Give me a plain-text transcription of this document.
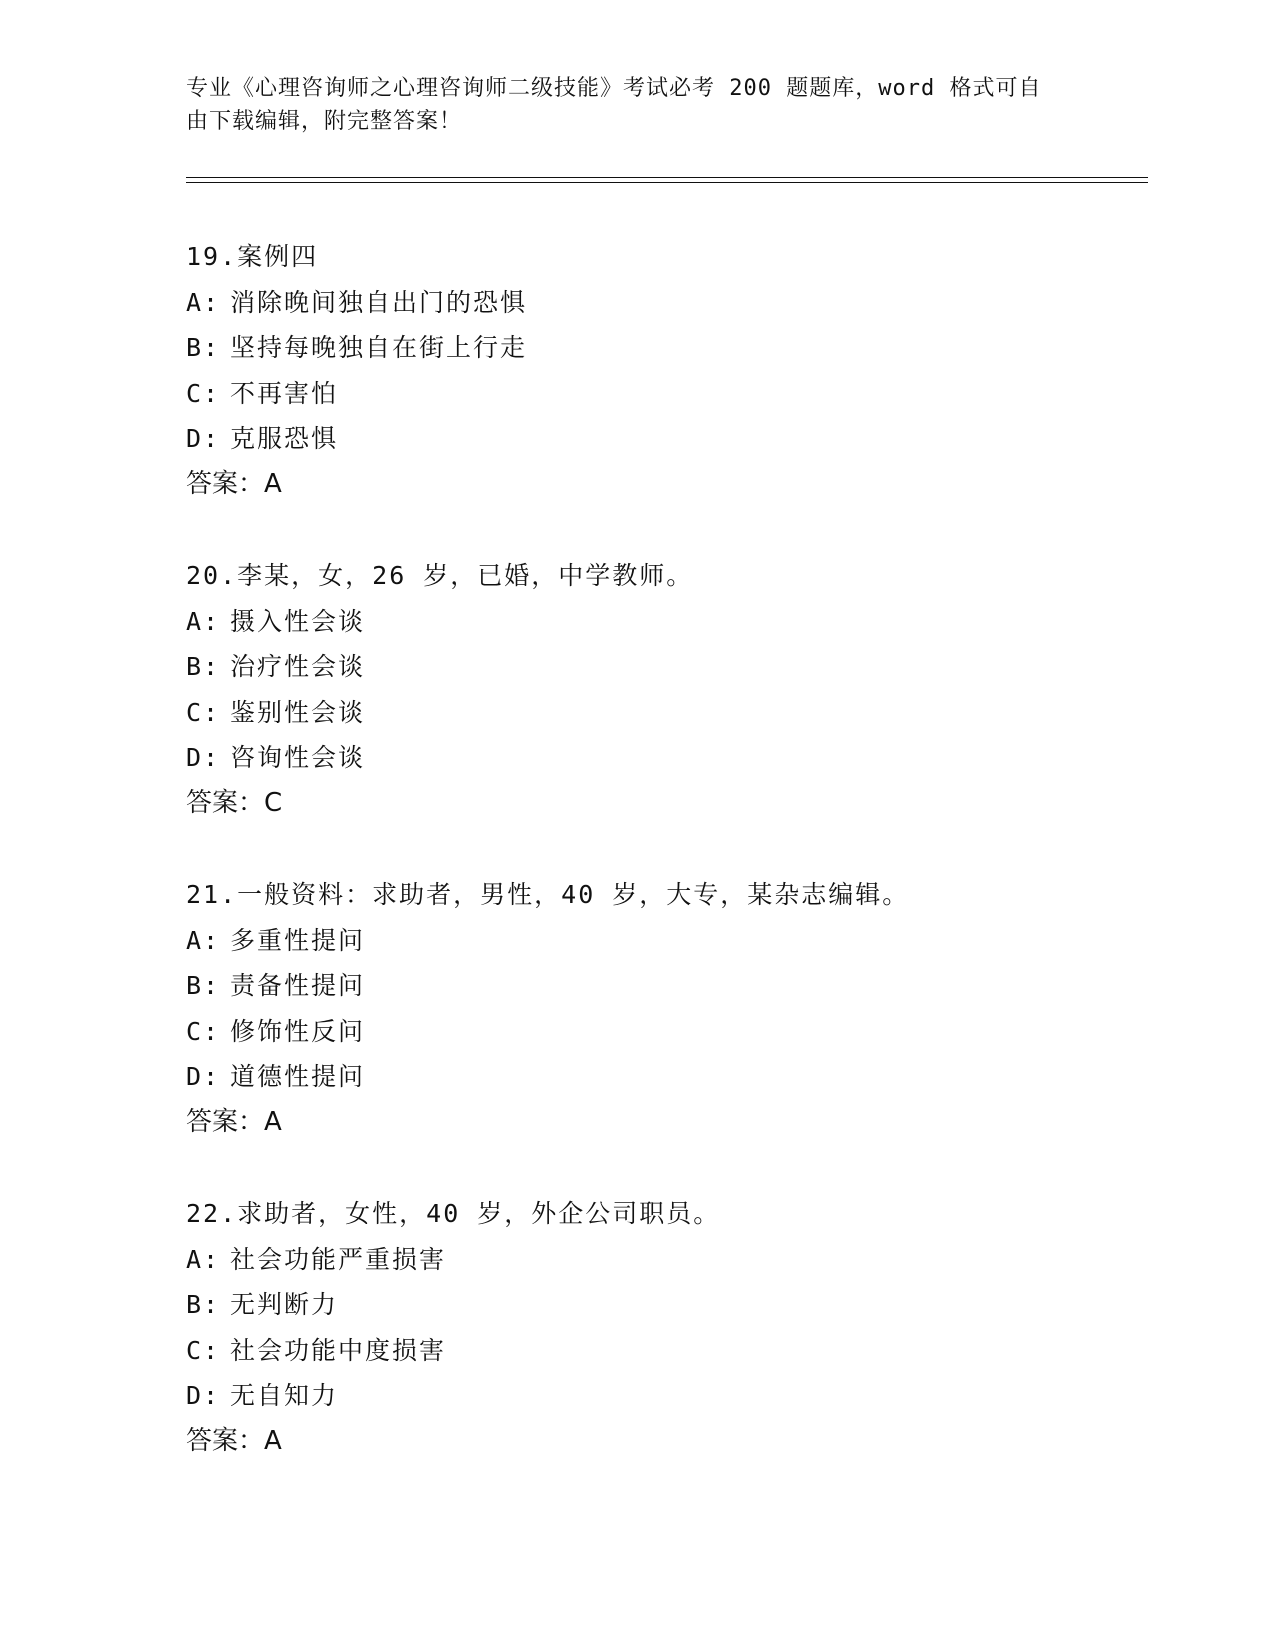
专业《心理咨询师之心理咨询师二级技能》考试必考 200 题题库，word 格式可自
由下载编辑，附完整答案！
19.案例四
A: 消除晚间独自出门的恐惧
B: 坚持每晚独自在街上行走
C: 不再害怕
D: 克服恐惧
答案：A
20.李某，女，26 岁，已婚，中学教师。
A: 摄入性会谈
B: 治疗性会谈
C: 鉴别性会谈
D: 咨询性会谈
答案：C
21.一般资料：求助者，男性，40 岁，大专，某杂志编辑。
A: 多重性提问
B: 责备性提问
C: 修饰性反问
D: 道德性提问
答案：A
22.求助者，女性，40 岁，外企公司职员。
A: 社会功能严重损害
B: 无判断力
C: 社会功能中度损害
D: 无自知力
答案：A
